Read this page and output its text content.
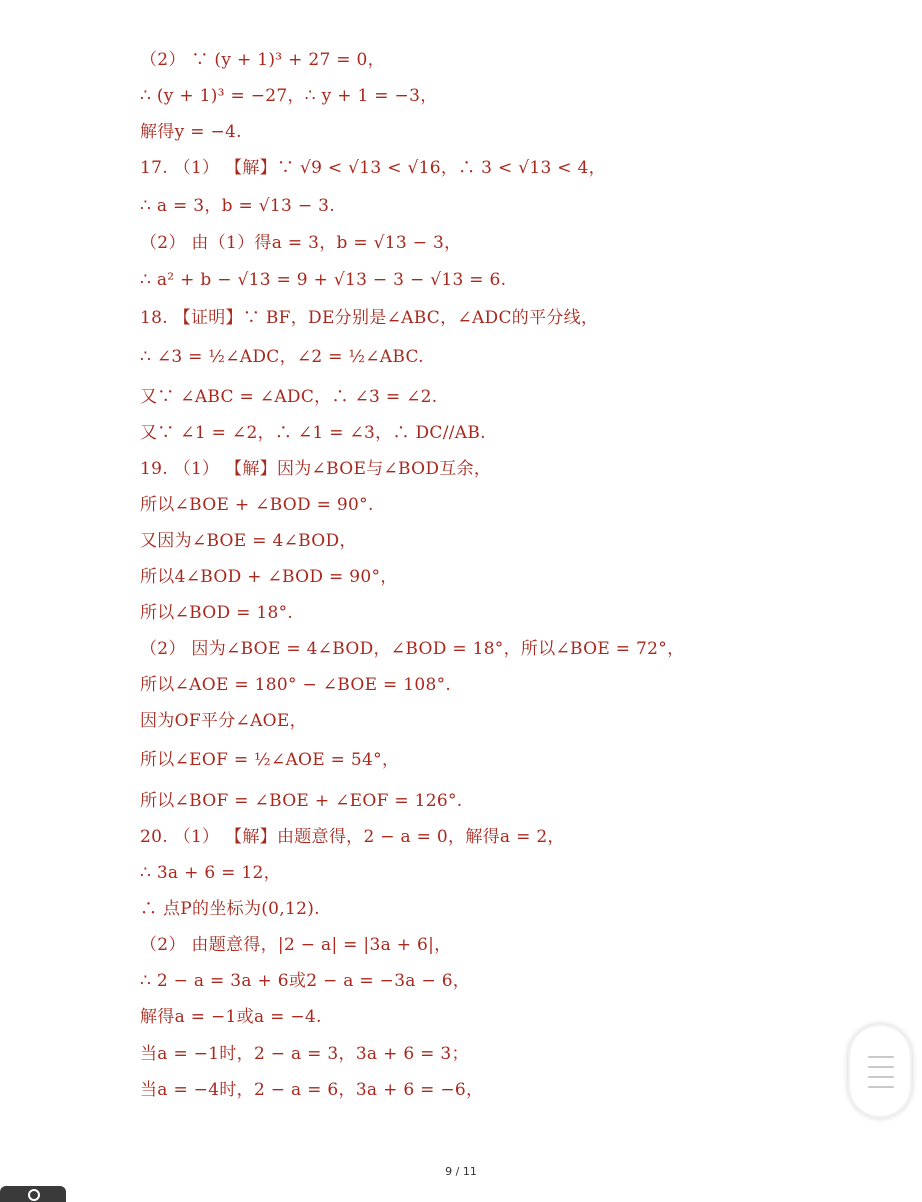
（2） ∵ (y + 1)³ + 27 = 0，
∴ (y + 1)³ = −27，∴ y + 1 = −3，
解得y = −4.
17. （1） 【解】∵ √9 < √13 < √16，∴ 3 < √13 < 4，
∴ a = 3，b = √13 − 3.
（2） 由（1）得a = 3，b = √13 − 3，
∴ a² + b − √13 = 9 + √13 − 3 − √13 = 6.
18. 【证明】∵ BF，DE分别是∠ABC，∠ADC的平分线，
∴ ∠3 = ½∠ADC，∠2 = ½∠ABC.
又∵ ∠ABC = ∠ADC，∴ ∠3 = ∠2.
又∵ ∠1 = ∠2，∴ ∠1 = ∠3，∴ DC//AB.
19. （1） 【解】因为∠BOE与∠BOD互余，
所以∠BOE + ∠BOD = 90°.
又因为∠BOE = 4∠BOD，
所以4∠BOD + ∠BOD = 90°，
所以∠BOD = 18°.
（2） 因为∠BOE = 4∠BOD，∠BOD = 18°，所以∠BOE = 72°，
所以∠AOE = 180° − ∠BOE = 108°.
因为OF平分∠AOE，
所以∠EOF = ½∠AOE = 54°，
所以∠BOF = ∠BOE + ∠EOF = 126°.
20. （1） 【解】由题意得，2 − a = 0，解得a = 2，
∴ 3a + 6 = 12，
∴ 点P的坐标为(0,12).
（2） 由题意得，|2 − a| = |3a + 6|，
∴ 2 − a = 3a + 6或2 − a = −3a − 6，
解得a = −1或a = −4.
当a = −1时，2 − a = 3，3a + 6 = 3；
当a = −4时，2 − a = 6，3a + 6 = −6，
9 / 11
